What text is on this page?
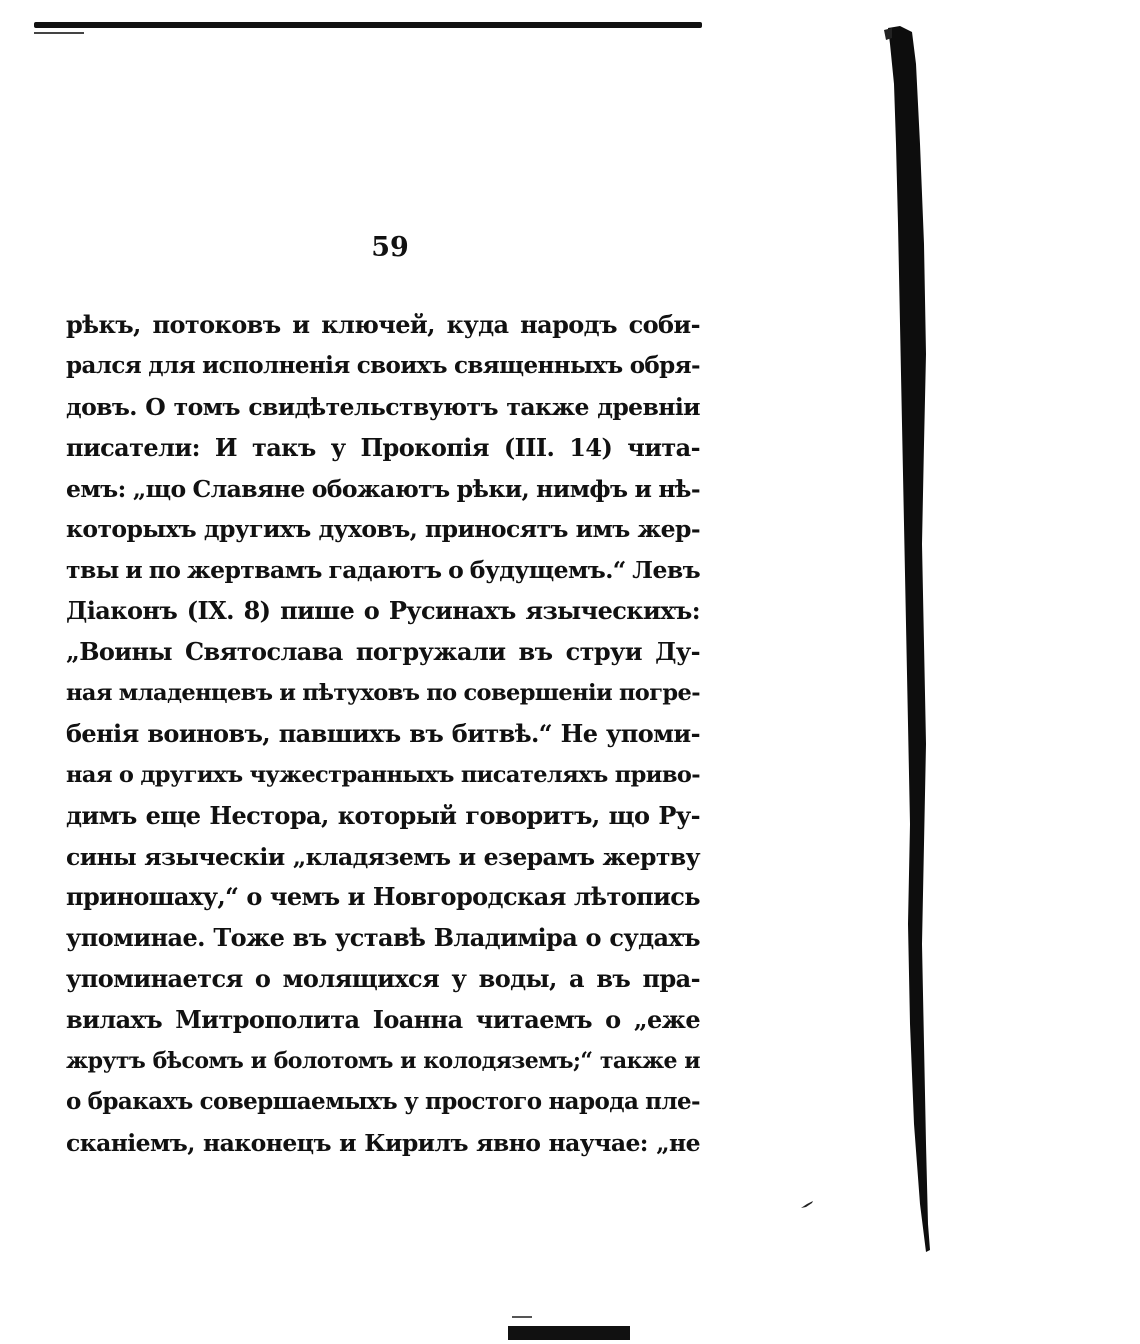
59
рѣкъ, потоковъ и ключей, куда народъ соби-
рался для исполненія своихъ священныхъ обря-
довъ. О томъ свидѣтельствуютъ также древніи
писатели: И такъ у Прокопія (III. 14) чита-
емъ: „що Славяне обожаютъ рѣки, нимфъ и нѣ-
которыхъ другихъ духовъ, приносятъ имъ жер-
твы и по жертвамъ гадаютъ о будущемъ.“ Левъ
Діаконъ (IX. 8) пише о Русинахъ языческихъ:
„Воины Святослава погружали въ струи Ду-
ная младенцевъ и пѣтуховъ по совершеніи погре-
бенія воиновъ, павшихъ въ битвѣ.“ Не упоми-
ная о другихъ чужестранныхъ писателяхъ приво-
димъ еще Нестора, который говоритъ, що Ру-
сины языческіи „кладяземъ и езерамъ жертву
приношаху,“ о чемъ и Новгородская лѣтопись
упоминае. Тоже въ уставѣ Владиміра о судахъ
упоминается о молящихся у воды, а въ пра-
вилахъ Митрополита Іоанна читаемъ о „еже
жрутъ бѣсомъ и болотомъ и колодяземъ;“ также и
о бракахъ совершаемыхъ у простого народа пле-
сканіемъ, наконецъ и Кирилъ явно научае: „не
